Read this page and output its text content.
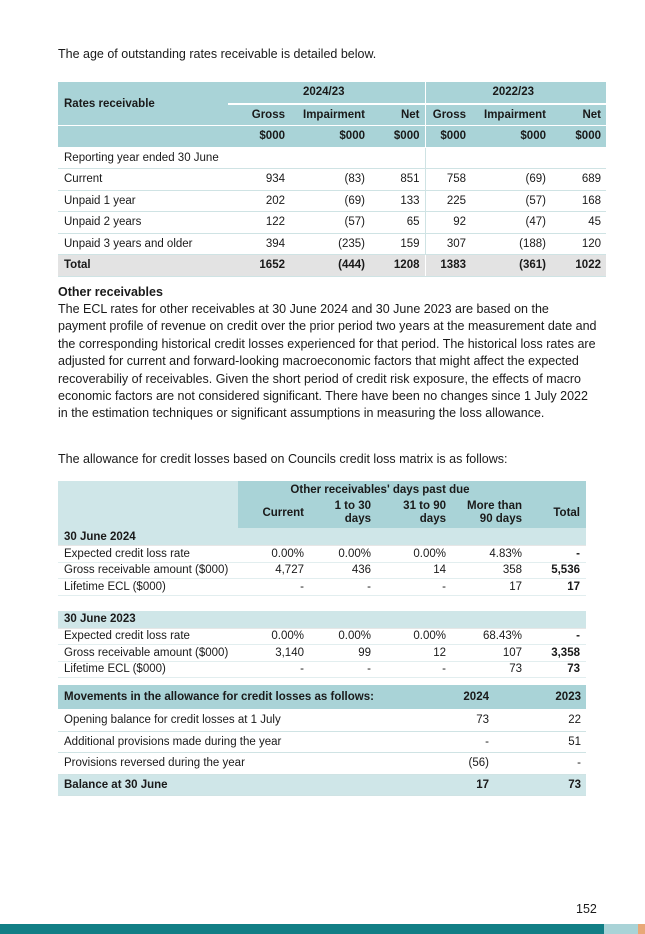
The age of outstanding rates receivable is detailed below.
Rates receivable	2024/23			2022/23		
	Gross	Impairment	Net	Gross	Impairment	Net
	$000	$000	$000	$000	$000	$000
Reporting year ended 30 June						
Current	934	(83)	851	758	(69)	689
Unpaid 1 year	202	(69)	133	225	(57)	168
Unpaid 2 years	122	(57)	65	92	(47)	45
Unpaid 3 years and older	394	(235)	159	307	(188)	120
Total	1652	(444)	1208	1383	(361)	1022
Other receivables
The ECL rates for other receivables at 30 June 2024 and 30 June 2023 are based on the payment profile of revenue on credit over the prior period two years at the measurement date and the corresponding historical credit losses experienced for that period. The historical loss rates are adjusted for current and forward-looking macroeconomic factors that might affect the expected recoverabiliy of receivables. Given the short period of credit risk exposure, the effects of macro economic factors are not considered significant. There have been no changes since 1 July 2022 in the estimation techniques or significant assumptions in measuring the loss allowance.
The allowance for credit losses based on Councils credit loss matrix is as follows:
	Other receivables' days past due				
	Current	1 to 30 days	31 to 90 days	More than 90 days	Total
30 June 2024					
Expected credit loss rate	0.00%	0.00%	0.00%	4.83%	-
Gross receivable amount ($000)	4,727	436	14	358	5,536
Lifetime ECL ($000)	-	-	-	17	17

30 June 2023					
Expected credit loss rate	0.00%	0.00%	0.00%	68.43%	-
Gross receivable amount ($000)	3,140	99	12	107	3,358
Lifetime ECL ($000)	-	-	-	73	73
Movements in the allowance for credit losses as follows:	2024	2023
Opening balance for credit losses at 1 July	73	22
Additional provisions made during the year	-	51
Provisions reversed during the year	(56)	-
Balance at 30 June	17	73
152
